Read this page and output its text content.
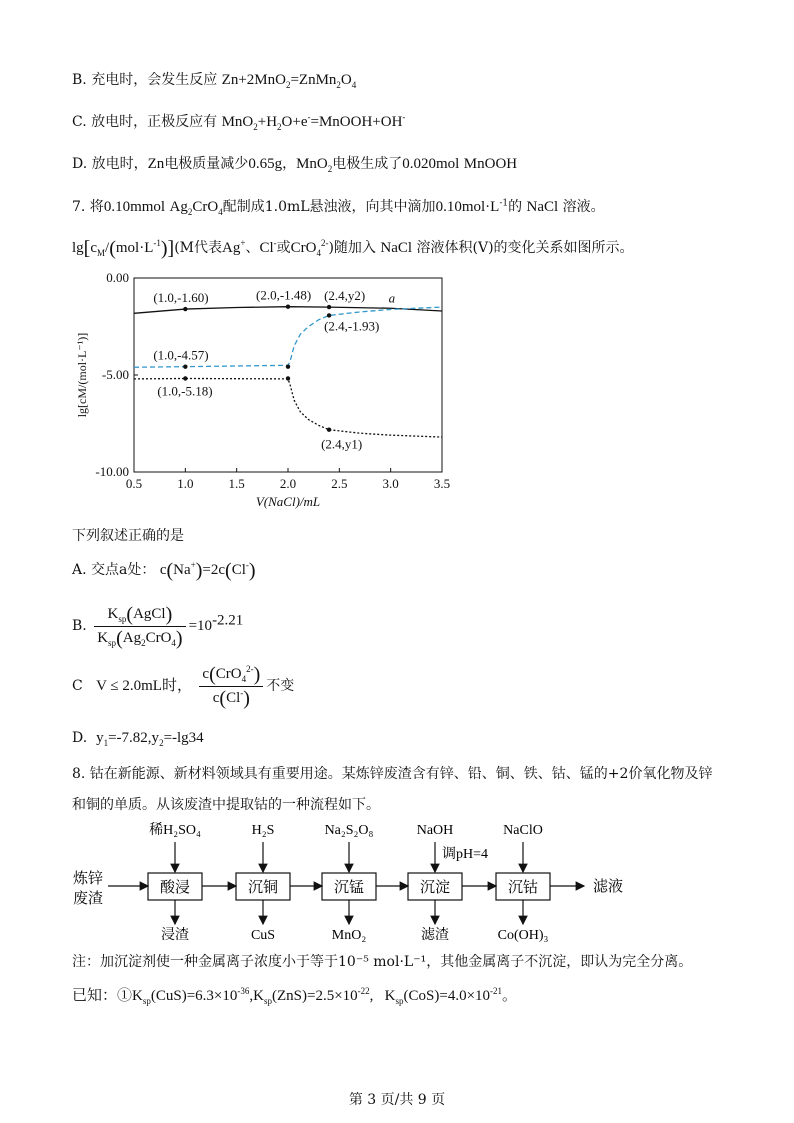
B. 充电时，会发生反应 $Zn+2MnO_2=ZnMn_2O_4$
C. 放电时，正极反应有 $MnO_2+H_2O+e^-=MnOOH+OH^-$
D. 放电时，Zn电极质量减少0.65g，MnO$_2$电极生成了0.020mol MnOOH
7. 将0.10mmol $Ag_2CrO_4$配制成1.0mL悬浊液，向其中滴加$0.10mol\cdot L^{-1}$的 NaCl 溶液。
$\lg[c_M/(mol\cdot L^{-1})](M$代表Ag+、Cl-或CrO$_4^{2-}$)随加入 NaCl 溶液体积(V)的变化关系如图所示。
0.5	1.0	1.5	2.0	2.5	3.0	3.5
0.00
-5.00
-10.00
V(NaCl)/mL
lg[cM/(mol·L⁻¹)]
(1.0,-1.60)	(2.0,-1.48) (2.4,y2)
(2.4,-1.93)
(1.0,-4.57)
(1.0,-5.18)
(2.4,y1)
a
下列叙述正确的是
A. 交点a处： c(Na+)=2c(Cl-)
B. $\frac{K_{sp}(AgCl)}{K_{sp}(Ag_2CrO_4)} =10^{-2.21}$
C V ≤ 2.0mL时， $\frac{c(CrO_4^{2-})}{c(Cl^-)}$ 不变
D. $y_1=-7.82,y_2=-\lg 34$
8. 钴在新能源、新材料领域具有重要用途。某炼锌废渣含有锌、铅、铜、铁、钴、锰的+2价氧化物及锌
和铜的单质。从该废渣中提取钴的一种流程如下。
炼锌
废渣
酸浸	沉铜	沉锰	沉淀	沉钴	滤液
稀H₂SO₄	H₂S	Na₂S₂O₈	NaOH
调pH=4
NaClO
浸渣	CuS	MnO₂	滤渣	Co(OH)₃
注：加沉淀剂使一种金属离子浓度小于等于10⁻⁵ mol·L⁻¹，其他金属离子不沉淀，即认为完全分离。
已知：$①K_{sp}(CuS)=6.3\times 10^{-36},K_{sp}(ZnS)=2.5\times 10^{-22}$,   $K_{sp}(CoS)=4.0\times 10^{-21}$。
第 3 页/共 9 页
